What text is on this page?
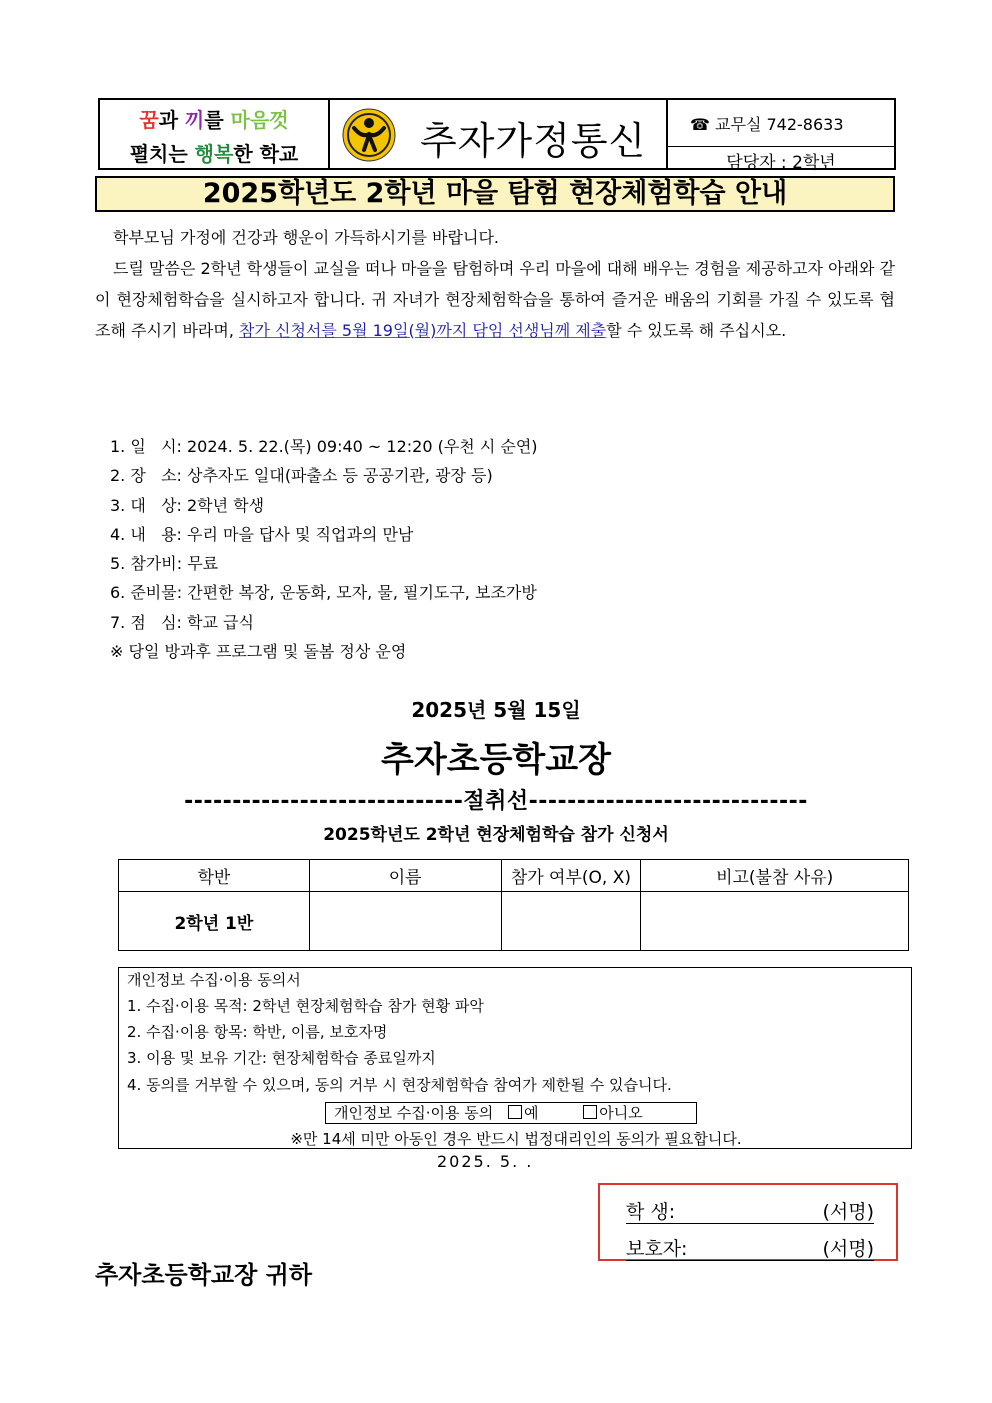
꿈과 끼를 마음껏
펼치는 행복한 학교	추자가정통신	☎ 교무실 742-8633
담당자 : 2학년
2025학년도 2학년 마을 탐험 현장체험학습 안내
학부모님 가정에 건강과 행운이 가득하시기를 바랍니다.
드릴 말씀은 2학년 학생들이 교실을 떠나 마을을 탐험하며 우리 마을에 대해 배우는 경험을 제공하고자 아래와 같이 현장체험학습을 실시하고자 합니다. 귀 자녀가 현장체험학습을 통하여 즐거운 배움의 기회를 가질 수 있도록 협조해 주시기 바라며, 참가 신청서를 5월 19일(월)까지 담임 선생님께 제출할 수 있도록 해 주십시오.
1. 일   시: 2024. 5. 22.(목) 09:40 ~ 12:20 (우천 시 순연)
2. 장   소: 상추자도 일대(파출소 등 공공기관, 광장 등)
3. 대   상: 2학년 학생
4. 내   용: 우리 마을 답사 및 직업과의 만남
5. 참가비: 무료
6. 준비물: 간편한 복장, 운동화, 모자, 물, 필기도구, 보조가방
7. 점   심: 학교 급식
※ 당일 방과후 프로그램 및 돌봄 정상 운영
2025년 5월 15일
추자초등학교장
-----------------------------절취선-----------------------------
2025학년도 2학년 현장체험학습 참가 신청서
학반	이름	참가 여부(O, X)	비고(불참 사유)
2학년 1반			
개인정보 수집·이용 동의서
1. 수집·이용 목적: 2학년 현장체험학습 참가 현황 파악
2. 수집·이용 항목: 학반, 이름, 보호자명
3. 이용 및 보유 기간: 현장체험학습 종료일까지
4. 동의를 거부할 수 있으며, 동의 거부 시 현장체험학습 참여가 제한될 수 있습니다.
개인정보 수집·이용 동의 예	아니오
※만 14세 미만 아동인 경우 반드시 법정대리인의 동의가 필요합니다.
2025. 5. .
학 생:	(서명)
보호자:	(서명)
추자초등학교장 귀하
